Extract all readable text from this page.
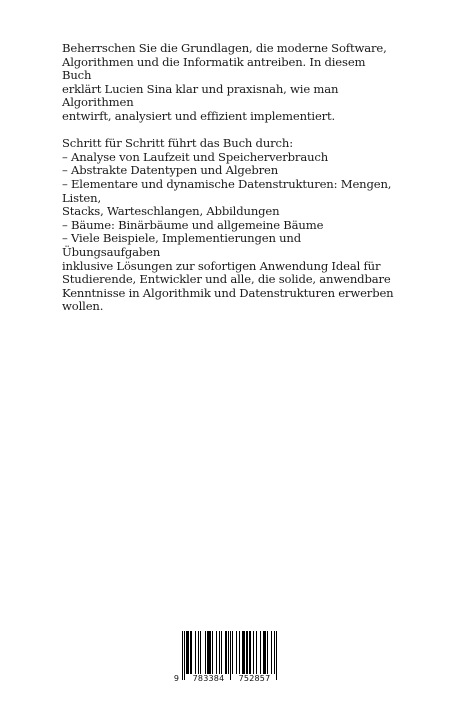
Beherrschen Sie die Grundlagen, die moderne Software,
Algorithmen und die Informatik antreiben. In diesem Buch
erklärt Lucien Sina klar und praxisnah, wie man Algorithmen
entwirft, analysiert und effizient implementiert.

Schritt für Schritt führt das Buch durch:
– Analyse von Laufzeit und Speicherverbrauch
– Abstrakte Datentypen und Algebren
– Elementare und dynamische Datenstrukturen: Mengen, Listen,
Stacks, Warteschlangen, Abbildungen
– Bäume: Binärbäume und allgemeine Bäume
– Viele Beispiele, Implementierungen und Übungsaufgaben
inklusive Lösungen zur sofortigen Anwendung Ideal für
Studierende, Entwickler und alle, die solide, anwendbare
Kenntnisse in Algorithmik und Datenstrukturen erwerben
wollen.

9	783384	752857
